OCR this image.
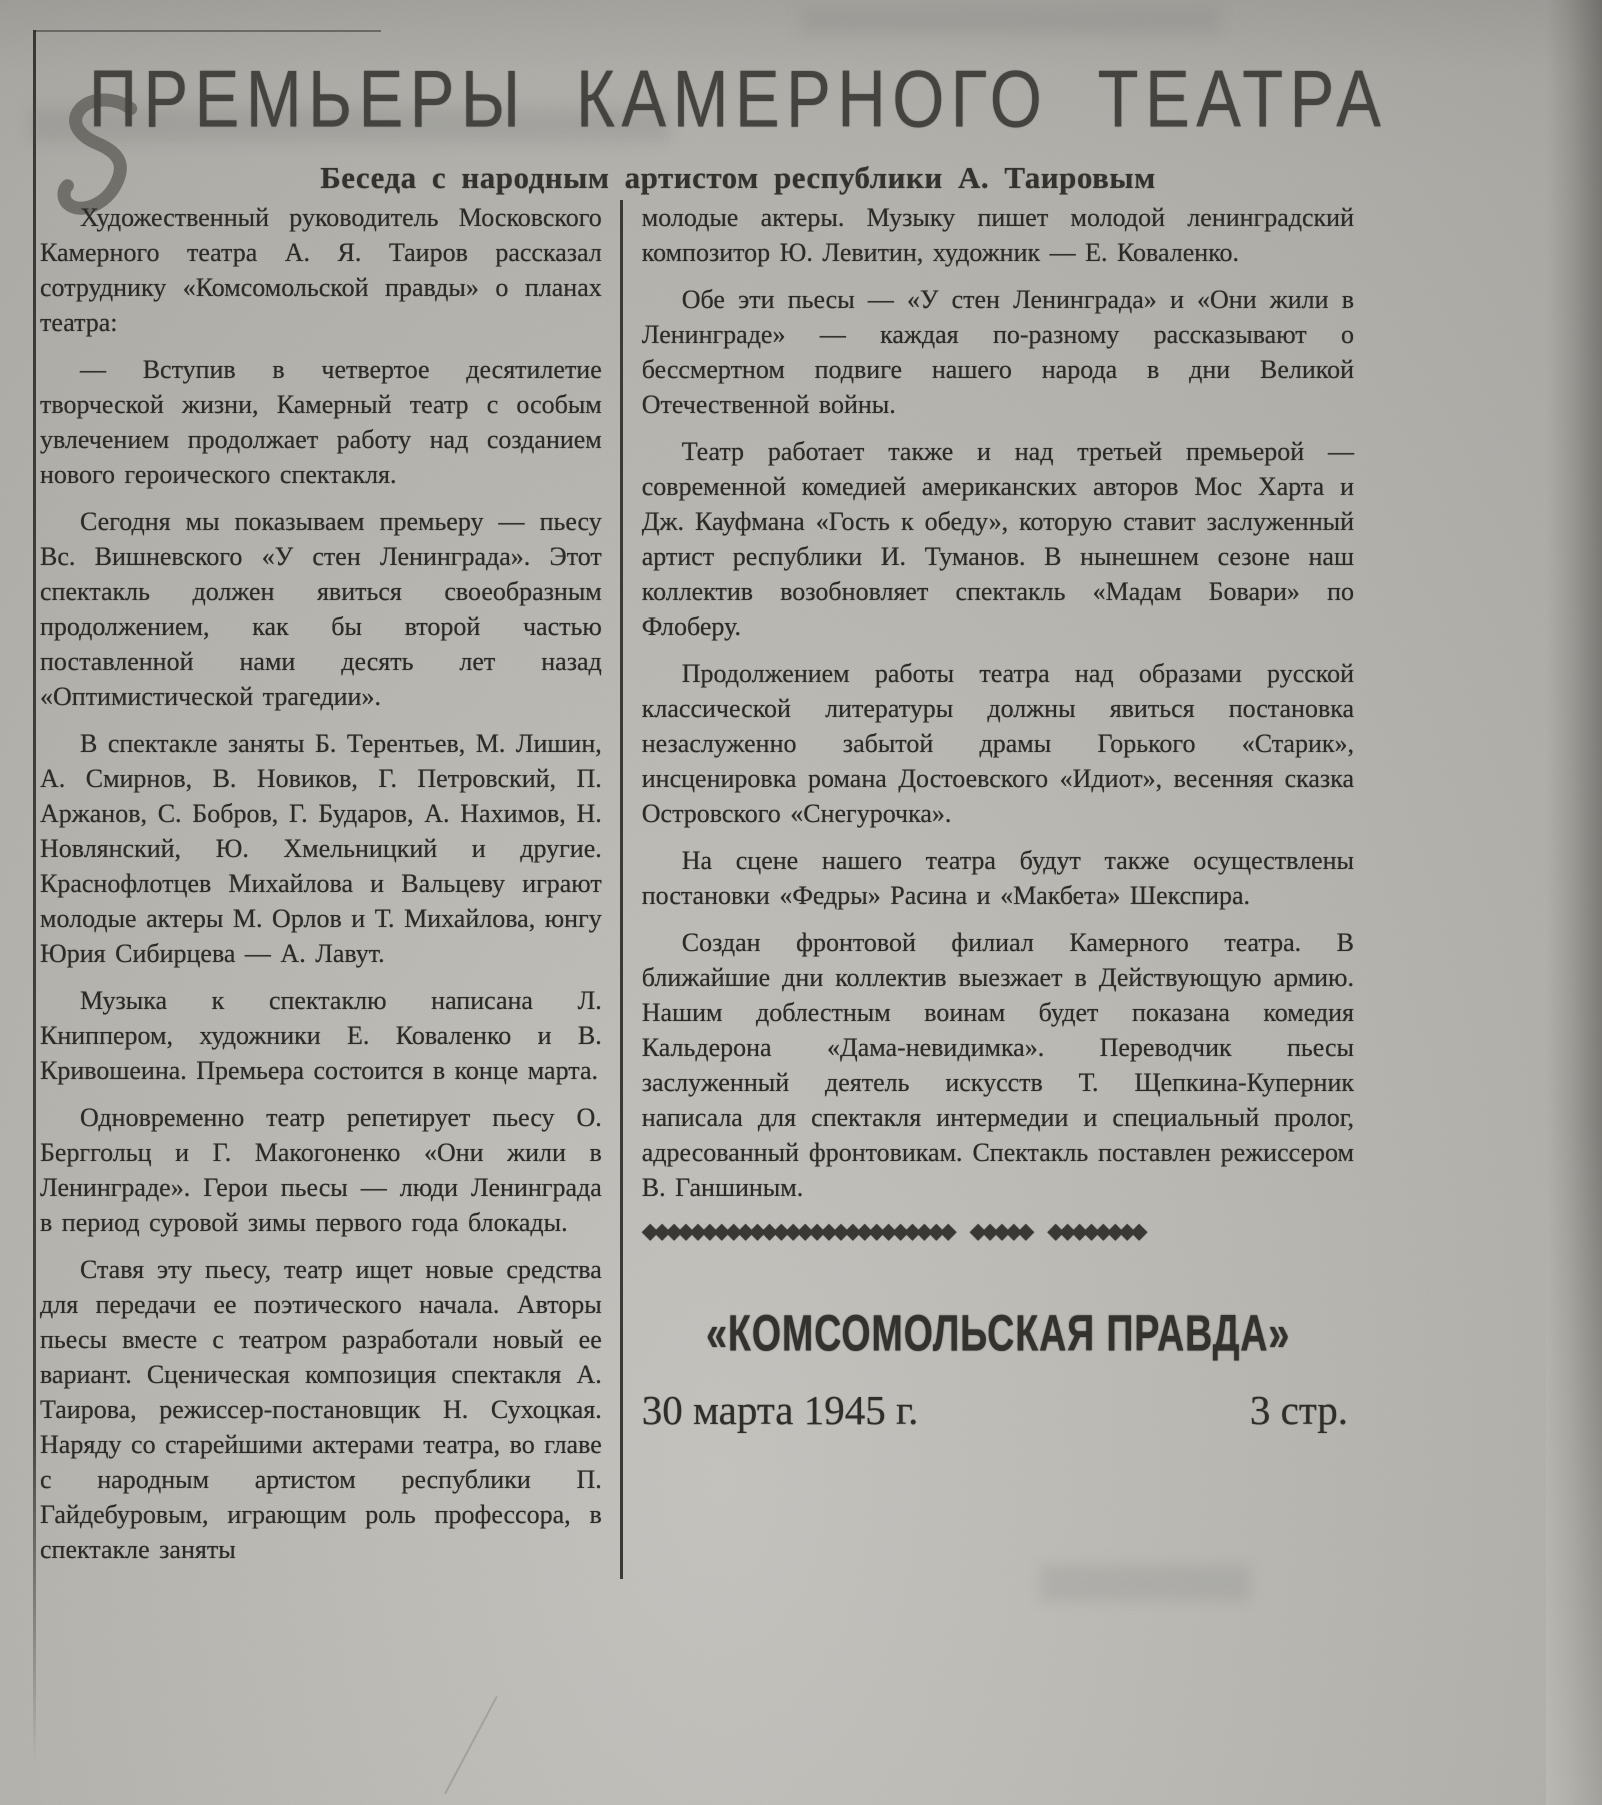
ПРЕМЬЕРЫ КАМЕРНОГО ТЕАТРА
Беседа с народным артистом республики А. Таировым

Художественный руководитель Московского Камерного театра А. Я. Таиров рассказал сотруднику «Комсомольской правды» о планах театра:

— Вступив в четвертое десятилетие творческой жизни, Камерный театр с особым увлечением продолжает работу над созданием нового героического спектакля.

Сегодня мы показываем премьеру — пьесу Вс. Вишневского «У стен Ленинграда». Этот спектакль должен явиться своеобразным продолжением, как бы второй частью поставленной нами десять лет назад «Оптимистической трагедии».

В спектакле заняты Б. Терентьев, М. Лишин, А. Смирнов, В. Новиков, Г. Петровский, П. Аржанов, С. Бобров, Г. Бударов, А. Нахимов, Н. Новлянский, Ю. Хмельницкий и другие. Краснофлотцев Михайлова и Вальцеву играют молодые актеры М. Орлов и Т. Михайлова, юнгу Юрия Сибирцева — А. Лавут.

Музыка к спектаклю написана Л. Книппером, художники Е. Коваленко и В. Кривошеина. Премьера состоится в конце марта.

Одновременно театр репетирует пьесу О. Берггольц и Г. Макогоненко «Они жили в Ленинграде». Герои пьесы — люди Ленинграда в период суровой зимы первого года блокады.

Ставя эту пьесу, театр ищет новые средства для передачи ее поэтического начала. Авторы пьесы вместе с театром разработали новый ее вариант. Сценическая композиция спектакля А. Таирова, режиссер-постановщик Н. Сухоцкая. Наряду со старейшими актерами театра, во главе с народным артистом республики П. Гайдебуровым, играющим роль профессора, в спектакле заняты

молодые актеры. Музыку пишет молодой ленинградский композитор Ю. Левитин, художник — Е. Коваленко.

Обе эти пьесы — «У стен Ленинграда» и «Они жили в Ленинграде» — каждая по-разному рассказывают о бессмертном подвиге нашего народа в дни Великой Отечественной войны.

Театр работает также и над третьей премьерой — современной комедией американских авторов Мос Харта и Дж. Кауфмана «Гость к обеду», которую ставит заслуженный артист республики И. Туманов. В нынешнем сезоне наш коллектив возобновляет спектакль «Мадам Бовари» по Флоберу.

Продолжением работы театра над образами русской классической литературы должны явиться постановка незаслуженно забытой драмы Горького «Старик», инсценировка романа Достоевского «Идиот», весенняя сказка Островского «Снегурочка».

На сцене нашего театра будут также осуществлены постановки «Федры» Расина и «Макбета» Шекспира.

Создан фронтовой филиал Камерного театра. В ближайшие дни коллектив выезжает в Действующую армию. Нашим доблестным воинам будет показана комедия Кальдерона «Дама-невидимка». Переводчик пьесы заслуженный деятель искусств Т. Щепкина-Куперник написала для спектакля интермедии и специальный пролог, адресованный фронтовикам. Спектакль поставлен режиссером В. Ганшиным.

◆◆◆◆◆◆◆◆◆◆◆◆◆◆◆◆◆◆◆◆◆◆◆◆◆◆ ◆◆◆◆◆ ◆◆◆◆◆◆◆◆
«КОМСОМОЛЬСКАЯ ПРАВДА»
30 марта 1945 г.	3 стр.
